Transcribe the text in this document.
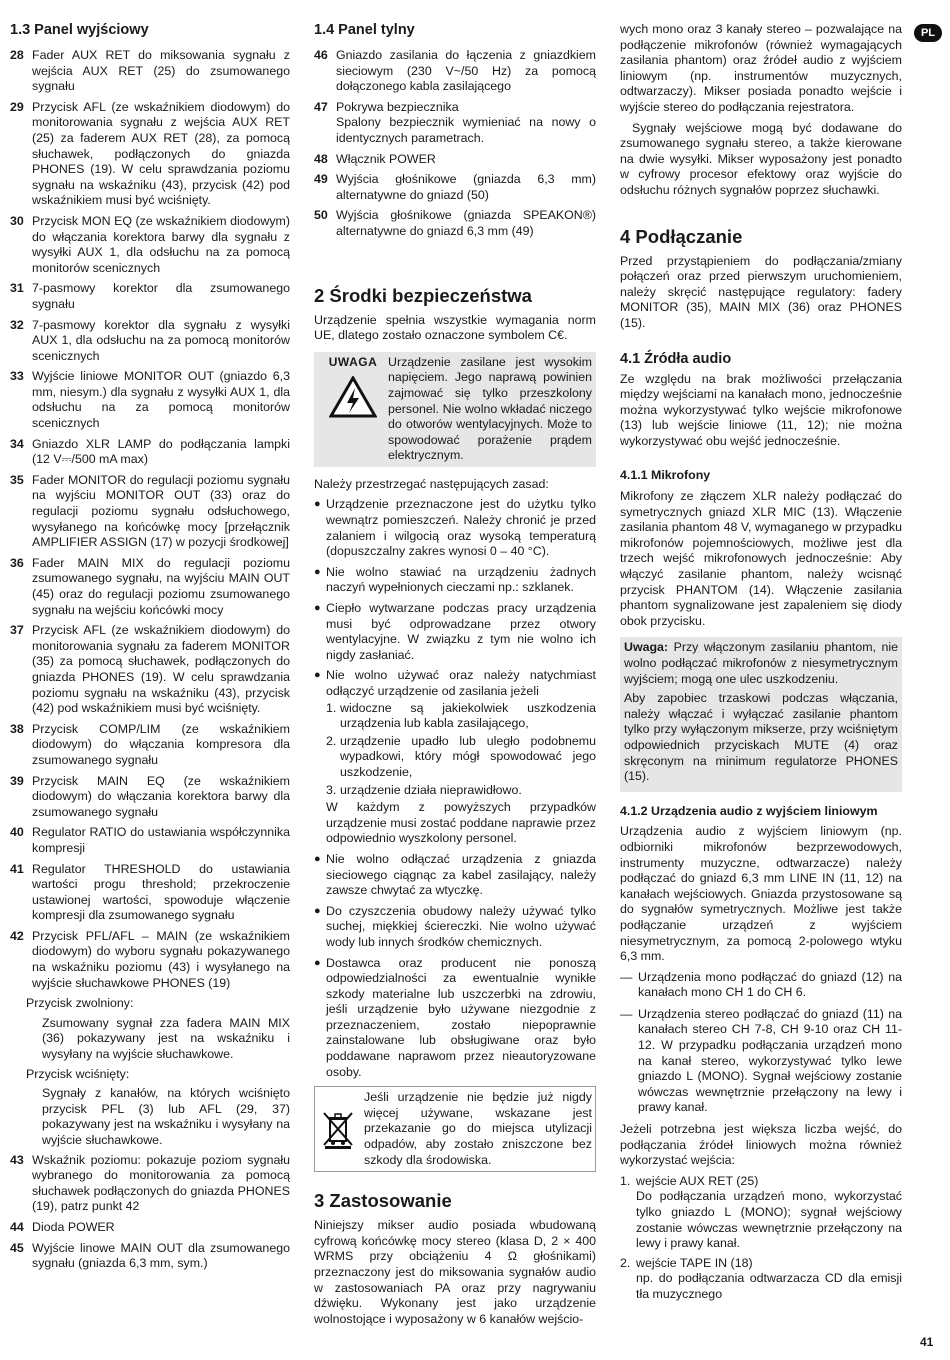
PL
1.3 Panel wyjściowy
28 Fader AUX RET do miksowania sygnału z wejścia AUX RET (25) do zsumowanego sygnału
29 Przycisk AFL (ze wskaźnikiem diodowym) do monitorowania sygnału z wejścia AUX RET (25) za faderem AUX RET (28), za pomocą słuchawek, podłączonych do gniazda PHONES (19). W celu sprawdzania poziomu sygnału na wskaźniku (43), przycisk (42) pod wskaźnikiem musi być wciśnięty.
30 Przycisk MON EQ (ze wskaźnikiem diodowym) do włączania korektora barwy dla sygnału z wysyłki AUX 1, dla odsłuchu na za pomocą monitorów scenicznych
31 7-pasmowy korektor dla zsumowanego sygnału
32 7-pasmowy korektor dla sygnału z wysyłki AUX 1, dla odsłuchu na za pomocą monitorów scenicznych
33 Wyjście liniowe MONITOR OUT (gniazdo 6,3 mm, niesym.) dla sygnału z wysyłki AUX 1, dla odsłuchu na za pomocą monitorów scenicznych
34 Gniazdo XLR LAMP do podłączania lampki (12 V⎓/500 mA max)
35 Fader MONITOR do regulacji poziomu sygnału na wyjściu MONITOR OUT (33) oraz do regulacji poziomu sygnału odsłuchowego, wysyłanego na końcówkę mocy [przełącznik AMPLIFIER ASSIGN (17) w pozycji środkowej]
36 Fader MAIN MIX do regulacji poziomu zsumowanego sygnału, na wyjściu MAIN OUT (45) oraz do regulacji poziomu zsumowanego sygnału na wejściu końcówki mocy
37 Przycisk AFL (ze wskaźnikiem diodowym) do monitorowania sygnału za faderem MONITOR (35) za pomocą słuchawek, podłączonych do gniazda PHONES (19). W celu sprawdzania poziomu sygnału na wskaźniku (43), przycisk (42) pod wskaźnikiem musi być wciśnięty.
38 Przycisk COMP/LIM (ze wskaźnikiem diodowym) do włączania kompresora dla zsumowanego sygnału
39 Przycisk MAIN EQ (ze wskaźnikiem diodowym) do włączania korektora barwy dla zsumowanego sygnału
40 Regulator RATIO do ustawiania współczynnika kompresji
41 Regulator THRESHOLD do ustawiania wartości progu threshold; przekroczenie ustawionej wartości, spowoduje włączenie kompresji dla zsumowanego sygnału
42 Przycisk PFL/AFL – MAIN (ze wskaźnikiem diodowym) do wyboru sygnału pokazywanego na wskaźniku poziomu (43) i wysyłanego na wyjście słuchawkowe PHONES (19)
Przycisk zwolniony:
Zsumowany sygnał zza fadera MAIN MIX (36) pokazywany jest na wskaźniku i wysyłany na wyjście słuchawkowe.
Przycisk wciśnięty:
Sygnały z kanałów, na których wciśnięto przycisk PFL (3) lub AFL (29, 37) pokazywany jest na wskaźniku i wysyłany na wyjście słuchawkowe.
43 Wskaźnik poziomu: pokazuje poziom sygnału wybranego do monitorowania za pomocą słuchawek podłączonych do gniazda PHONES (19), patrz punkt 42
44 Dioda POWER
45 Wyjście linowe MAIN OUT dla zsumowanego sygnału (gniazda 6,3 mm, sym.)
1.4 Panel tylny
46 Gniazdo zasilania do łączenia z gniazdkiem sieciowym (230 V~/50 Hz) za pomocą dołączonego kabla zasilającego
47 Pokrywa bezpiecznika
Spalony bezpiecznik wymieniać na nowy o identycznych parametrach.
48 Włącznik POWER
49 Wyjścia głośnikowe (gniazda 6,3 mm) alternatywne do gniazd (50)
50 Wyjścia głośnikowe (gniazda SPEAKON®) alternatywne do gniazd 6,3 mm (49)
2 Środki bezpieczeństwa

Urządzenie spełnia wszystkie wymagania norm UE, dlatego zostało oznaczone symbolem C€.

UWAGA Urządzenie zasilane jest wysokim napięciem. Jego naprawą powinien zajmować się tylko przeszkolony personel. Nie wolno wkładać niczego do otworów wentylacyjnych. Może to spowodować porażenie prądem elektrycznym.

Należy przestrzegać następujących zasad:

● Urządzenie przeznaczone jest do użytku tylko wewnątrz pomieszczeń. Należy chronić je przed zalaniem i wilgocią oraz wysoką temperaturą (dopuszczalny zakres wynosi 0 – 40 °C).
● Nie wolno stawiać na urządzeniu żadnych naczyń wypełnionych cieczami np.: szklanek.
● Ciepło wytwarzane podczas pracy urządzenia musi być odprowadzane przez otwory wentylacyjne. W związku z tym nie wolno ich nigdy zasłaniać.
● Nie wolno używać oraz należy natychmiast odłączyć urządzenie od zasilania jeżeli
1. widoczne są jakiekolwiek uszkodzenia urządzenia lub kabla zasilającego,
2. urządzenie upadło lub uległo podobnemu wypadkowi, który mógł spowodować jego uszkodzenie,
3. urządzenie działa nieprawidłowo.
W każdym z powyższych przypadków urządzenie musi zostać poddane naprawie przez odpowiednio wyszkolony personel.
● Nie wolno odłączać urządzenia z gniazda sieciowego ciągnąc za kabel zasilający, należy zawsze chwytać za wtyczkę.
● Do czyszczenia obudowy należy używać tylko suchej, miękkiej ściereczki. Nie wolno używać wody lub innych środków chemicznych.
● Dostawca oraz producent nie ponoszą odpowiedzialności za ewentualnie wynikłe szkody materialne lub uszczerbki na zdrowiu, jeśli urządzenie było używane niezgodnie z przeznaczeniem, zostało niepoprawnie zainstalowane lub obsługiwane oraz było poddawane naprawom przez nieautoryzowane osoby.
Jeśli urządzenie nie będzie już nigdy więcej używane, wskazane jest przekazanie go do miejsca utylizacji odpadów, aby zostało zniszczone bez szkody dla środowiska.
3 Zastosowanie

Niniejszy mikser audio posiada wbudowaną cyfrową końcówkę mocy stereo (klasa D, 2 × 400 WRMS przy obciążeniu 4 Ω głośnikami) przeznaczony jest do miksowania sygnałów audio w zastosowaniach PA oraz przy nagrywaniu dźwięku. Wykonany jest jako urządzenie wolnostojące i wyposażony w 6 kanałów wejścio-

wych mono oraz 3 kanały stereo – pozwalające na podłączenie mikrofonów (również wymagających zasilania phantom) oraz źródeł audio z wyjściem liniowym (np. instrumentów muzycznych, odtwarzaczy). Mikser posiada ponadto wejście i wyjście stereo do podłączania rejestratora.

Sygnały wejściowe mogą być dodawane do zsumowanego sygnału stereo, a także kierowane na dwie wysyłki. Mikser wyposażony jest ponadto w cyfrowy procesor efektowy oraz wyjście do odsłuchu różnych sygnałów poprzez słuchawki.

4 Podłączanie

Przed przystąpieniem do podłączania/zmiany połączeń oraz przed pierwszym uruchomieniem, należy skręcić następujące regulatory: fadery MONITOR (35), MAIN MIX (36) oraz PHONES (15).

4.1 Źródła audio

Ze względu na brak możliwości przełączania między wejściami na kanałach mono, jednocześnie można wykorzystywać tylko wejście mikrofonowe (13) lub wejście liniowe (11, 12); nie można wykorzystywać obu wejść jednocześnie.

4.1.1 Mikrofony

Mikrofony ze złączem XLR należy podłączać do symetrycznych gniazd XLR MIC (13). Włączenie zasilania phantom 48 V, wymaganego w przypadku mikrofonów pojemnościowych, możliwe jest dla trzech wejść mikrofonowych jednocześnie: Aby włączyć zasilanie phantom, należy wcisnąć przycisk PHANTOM (14). Włączenie zasilania phantom sygnalizowane jest zapaleniem się diody obok przycisku.

Uwaga: Przy włączonym zasilaniu phantom, nie wolno podłączać mikrofonów z niesymetrycznym wyjściem; mogą one ulec uszkodzeniu.

Aby zapobiec trzaskowi podczas włączania, należy włączać i wyłączać zasilanie phantom tylko przy wyłączonym mikserze, przy wciśniętym odpowiednich przyciskach MUTE (4) oraz skręconym na minimum regulatorze PHONES (15).

4.1.2 Urządzenia audio z wyjściem liniowym

Urządzenia audio z wyjściem liniowym (np. odbiorniki mikrofonów bezprzewodowych, instrumenty muzyczne, odtwarzacze) należy podłączać do gniazd 6,3 mm LINE IN (11, 12) na kanałach wejściowych. Gniazda przystosowane są do sygnałów symetrycznych. Możliwe jest także podłączanie urządzeń z wyjściem niesymetrycznym, za pomocą 2-polowego wtyku 6,3 mm.

— Urządzenia mono podłączać do gniazd (12) na kanałach mono CH 1 do CH 6.
— Urządzenia stereo podłączać do gniazd (11) na kanałach stereo CH 7-8, CH 9-10 oraz CH 11-12. W przypadku podłączania urządzeń mono na kanał stereo, wykorzystywać tylko lewe gniazdo L (MONO). Sygnał wejściowy zostanie wówczas wewnętrznie przełączony na lewy i prawy kanał.

Jeżeli potrzebna jest większa liczba wejść, do podłączania źródeł liniowych można również wykorzystać wejścia:

1. wejście AUX RET (25)
Do podłączania urządzeń mono, wykorzystać tylko gniazdo L (MONO); sygnał wejściowy zostanie wówczas wewnętrznie przełączony na lewy i prawy kanał.
2. wejście TAPE IN (18)
np. do podłączania odtwarzacza CD dla emisji tła muzycznego
41
